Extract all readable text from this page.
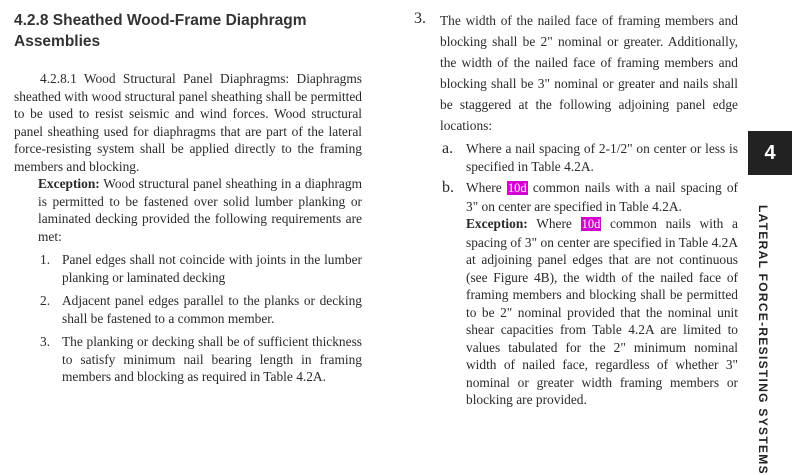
4.2.8 Sheathed Wood-Frame Diaphragm Assemblies

4.2.8.1 Wood Structural Panel Diaphragms: Diaphragms sheathed with wood structural panel sheathing shall be permitted to be used to resist seismic and wind forces. Wood structural panel sheathing used for diaphragms that are part of the lateral force-resisting system shall be applied directly to the framing members and blocking.

Exception: Wood structural panel sheathing in a diaphragm is permitted to be fastened over solid lumber planking or laminated decking provided the following requirements are met:

1. Panel edges shall not coincide with joints in the lumber planking or laminated decking
2. Adjacent panel edges parallel to the planks or decking shall be fastened to a common member.
3. The planking or decking shall be of sufficient thickness to satisfy minimum nail bearing length in framing members and blocking as required in Table 4.2A.
3. The width of the nailed face of framing members and blocking shall be 2" nominal or greater. Additionally, the width of the nailed face of framing members and blocking shall be 3" nominal or greater and nails shall be staggered at the following adjoining panel edge locations:

a. Where a nail spacing of 2-1/2" on center or less is specified in Table 4.2A.

b. Where 10d common nails with a nail spacing of 3" on center are specified in Table 4.2A.

Exception: Where 10d common nails with a spacing of 3" on center are specified in Table 4.2A at adjoining panel edges that are not continuous (see Figure 4B), the width of the nailed face of framing members and blocking shall be permitted to be 2" nominal provided that the nominal unit shear capacities from Table 4.2A are limited to values tabulated for the 2" minimum nominal width of nailed face, regardless of whether 3" nominal or greater width framing members or blocking are provided.

4
LATERAL FORCE-RESISTING SYSTEMS
